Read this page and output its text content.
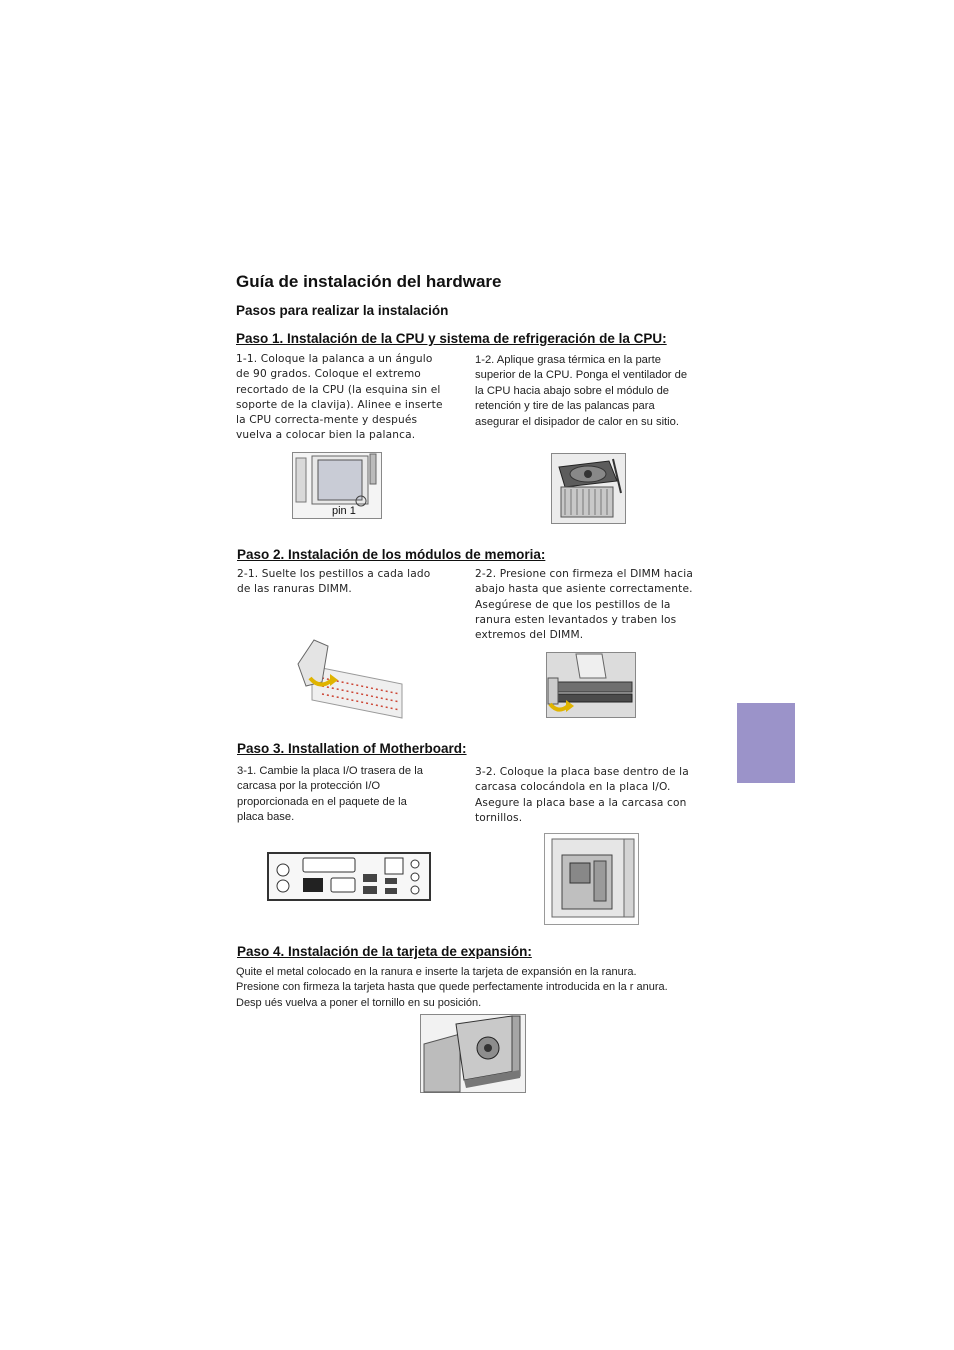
Guía de instalación del hardware
Pasos para realizar la instalación
Paso 1. Instalación de la CPU y sistema de refrigeración de la CPU:
1-1. Coloque la palanca a un ángulo
de 90 grados. Coloque el extremo
recortado de la CPU (la esquina sin el
soporte de la clavija). Alinee e inserte
la CPU correcta-mente y después
vuelva a colocar bien la palanca.
1-2. Aplique grasa térmica en la parte
superior de la CPU. Ponga el ventilador de
la CPU hacia abajo sobre el módulo de
retención y tire de las palancas para
asegurar el disipador de calor en su sitio.
pin 1
Paso 2. Instalación de los módulos de memoria:
2-1. Suelte los pestillos a cada lado
de las ranuras DIMM.
2-2. Presione con firmeza el DIMM hacia
abajo hasta que asiente correctamente.
Asegúrese de que los pestillos de la
ranura esten levantados y traben los
extremos del DIMM.
Paso 3. Installation of Motherboard:
3-1. Cambie la placa I/O trasera de la
carcasa por la protección I/O
proporcionada en el paquete de la
placa base.
3-2. Coloque la placa base dentro de la
carcasa colocándola en la placa I/O.
Asegure la placa base a la carcasa con
tornillos.
Paso 4. Instalación de la tarjeta de expansión:
Quite el metal colocado en la ranura e inserte la tarjeta de expansión en la ranura.
Presione con firmeza la tarjeta hasta que quede perfectamente introducida en la r anura.
Desp ués vuelva a poner el tornillo en su posición.
